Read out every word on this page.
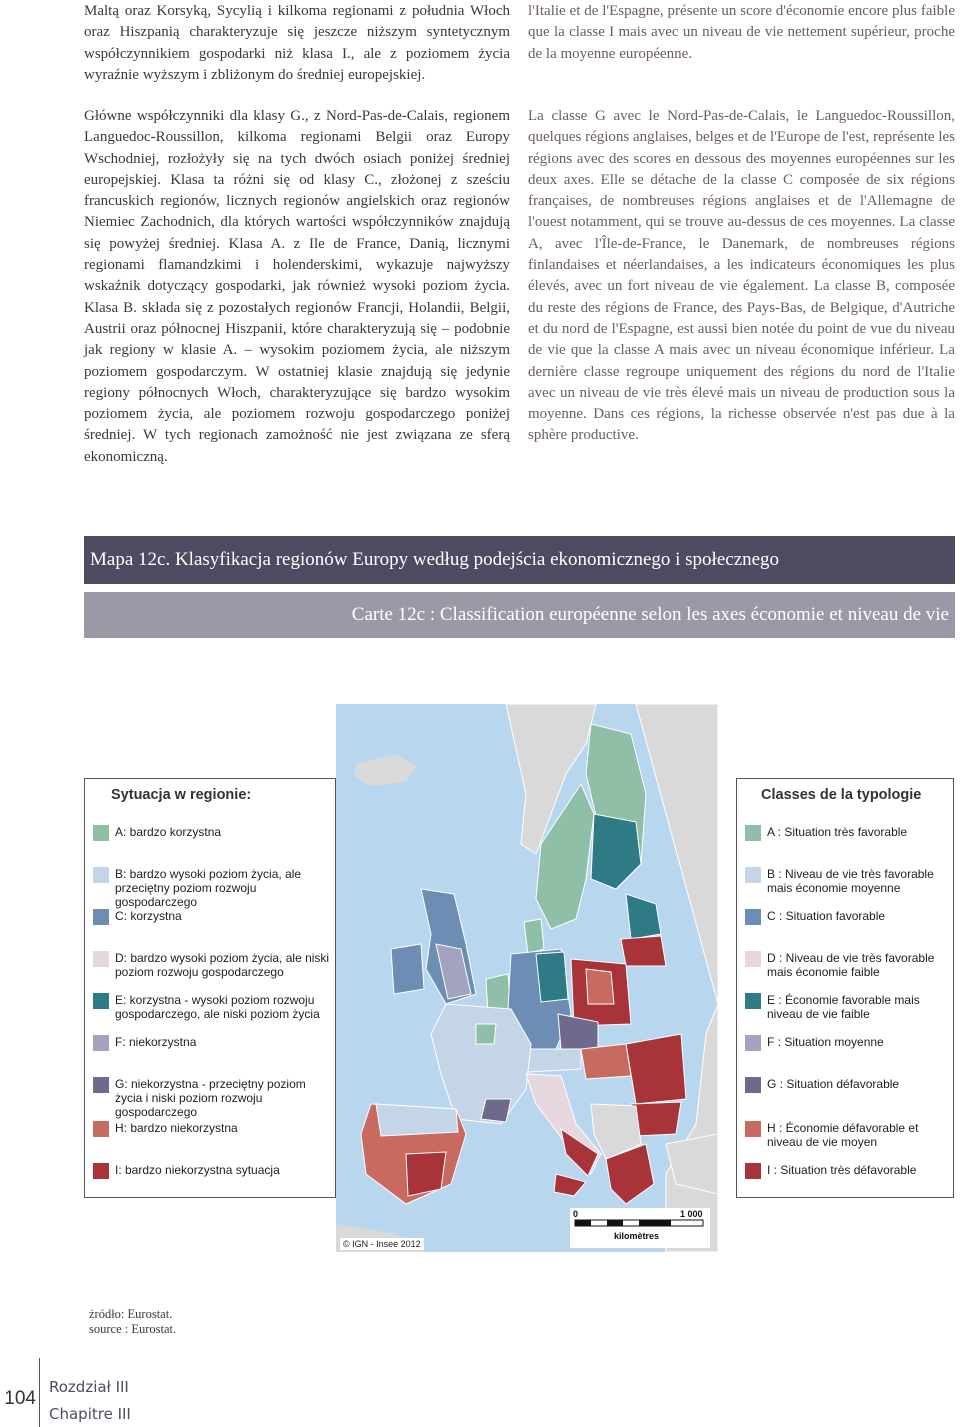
Maltą oraz Korsyką, Sycylią i kilkoma regionami z południa Włoch oraz Hiszpanią charakteryzuje się jeszcze niższym syntetycznym współczynnikiem gospodarki niż klasa I., ale z poziomem życia wyraźnie wyższym i zbliżonym do średniej europejskiej.

l'Italie et de l'Espagne, présente un score d'économie encore plus faible que la classe I mais avec un niveau de vie nettement supérieur, proche de la moyenne européenne.

Główne współczynniki dla klasy G., z Nord-Pas-de-Calais, regionem Languedoc-Roussillon, kilkoma regionami Belgii oraz Europy Wschodniej, rozłożyły się na tych dwóch osiach poniżej średniej europejskiej. Klasa ta różni się od klasy C., złożonej z sześciu francuskich regionów, licznych regionów angielskich oraz regionów Niemiec Zachodnich, dla których wartości współczynników znajdują się powyżej średniej. Klasa A. z Ile de France, Danią, licznymi regionami flamandzkimi i holenderskimi, wykazuje najwyższy wskaźnik dotyczący gospodarki, jak również wysoki poziom życia. Klasa B. składa się z pozostałych regionów Francji, Holandii, Belgii, Austrii oraz północnej Hiszpanii, które charakteryzują się – podobnie jak regiony w klasie A. – wysokim poziomem życia, ale niższym poziomem gospodarczym. W ostatniej klasie znajdują się jedynie regiony północnych Włoch, charakteryzujące się bardzo wysokim poziomem życia, ale poziomem rozwoju gospodarczego poniżej średniej. W tych regionach zamożność nie jest związana ze sferą ekonomiczną.

La classe G avec le Nord-Pas-de-Calais, le Languedoc-Roussillon, quelques régions anglaises, belges et de l'Europe de l'est, représente les régions avec des scores en dessous des moyennes européennes sur les deux axes. Elle se détache de la classe C composée de six régions françaises, de nombreuses régions anglaises et de l'Allemagne de l'ouest notamment, qui se trouve au-dessus de ces moyennes. La classe A, avec l'Île-de-France, le Danemark, de nombreuses régions finlandaises et néerlandaises, a les indicateurs économiques les plus élevés, avec un fort niveau de vie également. La classe B, composée du reste des régions de France, des Pays-Bas, de Belgique, d'Autriche et du nord de l'Espagne, est aussi bien notée du point de vue du niveau de vie que la classe A mais avec un niveau économique inférieur. La dernière classe regroupe uniquement des régions du nord de l'Italie avec un niveau de vie très élevé mais un niveau de production sous la moyenne. Dans ces régions, la richesse observée n'est pas due à la sphère productive.

Mapa 12c. Klasyfikacja regionów Europy według podejścia ekonomicznego i społecznego
Carte 12c : Classification européenne selon les axes économie et niveau de vie
Sytuacja w regionie:
A: bardzo korzystna
B: bardzo wysoki poziom życia, ale przeciętny poziom rozwoju gospodarczego
C: korzystna
D: bardzo wysoki poziom życia, ale niski poziom rozwoju gospodarczego
E: korzystna - wysoki poziom rozwoju gospodarczego, ale niski poziom życia
F: niekorzystna
G: niekorzystna - przeciętny poziom życia i niski poziom rozwoju gospodarczego
H: bardzo niekorzystna
I: bardzo niekorzystna sytuacja
Classes de la typologie
A : Situation très favorable
B : Niveau de vie très favorable mais économie moyenne
C : Situation favorable
D : Niveau de vie très favorable mais économie faible
E : Économie favorable mais niveau de vie faible
F : Situation moyenne
G : Situation défavorable
H : Économie défavorable et niveau de vie moyen
I : Situation très défavorable
0	1 000
kilomètres
© IGN - Insee 2012
żródło: Eurostat.
source : Eurostat.
104
Rozdział III
Chapitre III
